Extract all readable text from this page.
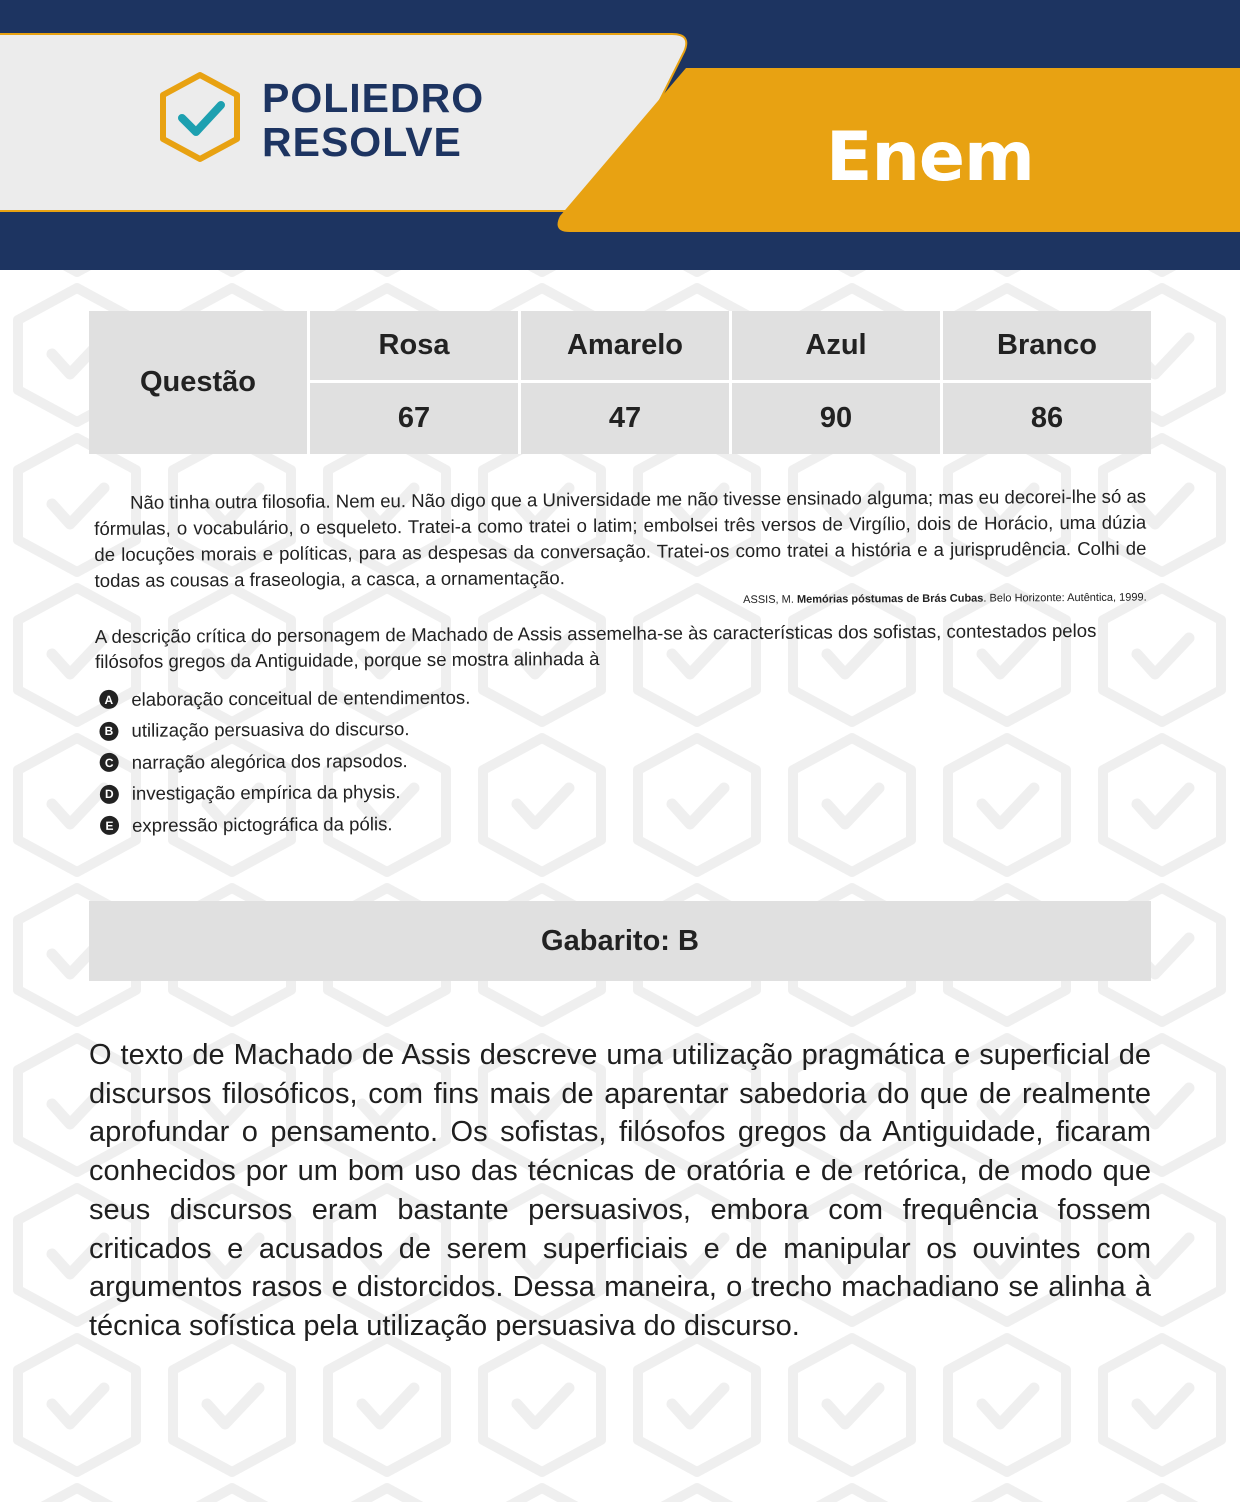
POLIEDRO
RESOLVE	Enem
Questão
Rosa	Amarelo	Azul	Branco
67	47	90	86

Não tinha outra filosofia. Nem eu. Não digo que a Universidade me não tivesse ensinado alguma; mas eu decorei-lhe só as fórmulas, o vocabulário, o esqueleto. Tratei-a como tratei o latim; embolsei três versos de Virgílio, dois de Horácio, uma dúzia de locuções morais e políticas, para as despesas da conversação. Tratei-os como tratei a história e a jurisprudência. Colhi de todas as cousas a fraseologia, a casca, a ornamentação.

ASSIS, M. Memórias póstumas de Brás Cubas. Belo Horizonte: Autêntica, 1999.

A descrição crítica do personagem de Machado de Assis assemelha-se às características dos sofistas, contestados pelos filósofos gregos da Antiguidade, porque se mostra alinhada à

A elaboração conceitual de entendimentos.
B utilização persuasiva do discurso.
C narração alegórica dos rapsodos.
D investigação empírica da physis.
E expressão pictográfica da pólis.
Gabarito: B

O texto de Machado de Assis descreve uma utilização pragmática e superficial de discursos filosóficos, com fins mais de aparentar sabedoria do que de realmente aprofundar o pensamento. Os sofistas, filósofos gregos da Antiguidade, ficaram conhecidos por um bom uso das técnicas de oratória e de retórica, de modo que seus discursos eram bastante persuasivos, embora com frequência fossem criticados e acusados de serem superficiais e de manipular os ouvintes com argumentos rasos e distorcidos. Dessa maneira, o trecho machadiano se alinha à técnica sofística pela utilização persuasiva do discurso.
